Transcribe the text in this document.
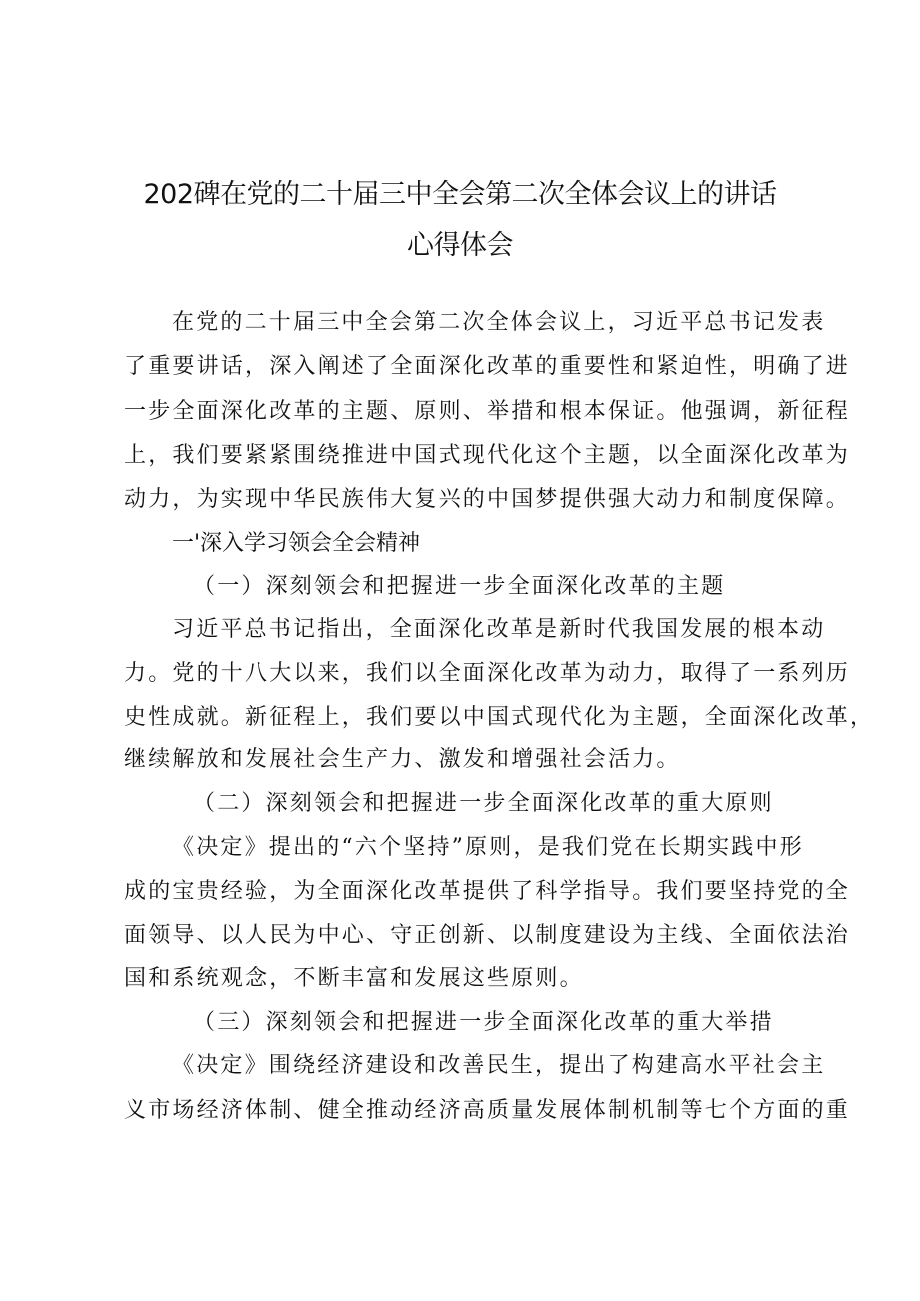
202碑在党的二十届三中全会第二次全体会议上的讲话
心得体会
在党的二十届三中全会第二次全体会议上，习近平总书记发表
了重要讲话，深入阐述了全面深化改革的重要性和紧迫性，明确了进
一步全面深化改革的主题、原则、举措和根本保证。他强调，新征程
上，我们要紧紧围绕推进中国式现代化这个主题，以全面深化改革为
动力，为实现中华民族伟大复兴的中国梦提供强大动力和制度保障。
一'深入学习领会全会精神
（一）深刻领会和把握进一步全面深化改革的主题
习近平总书记指出，全面深化改革是新时代我国发展的根本动
力。党的十八大以来，我们以全面深化改革为动力，取得了一系列历
史性成就。新征程上，我们要以中国式现代化为主题，全面深化改革，
继续解放和发展社会生产力、激发和增强社会活力。
（二）深刻领会和把握进一步全面深化改革的重大原则
《决定》提出的“六个坚持”原则，是我们党在长期实践中形
成的宝贵经验，为全面深化改革提供了科学指导。我们要坚持党的全
面领导、以人民为中心、守正创新、以制度建设为主线、全面依法治
国和系统观念，不断丰富和发展这些原则。
（三）深刻领会和把握进一步全面深化改革的重大举措
《决定》围绕经济建设和改善民生，提出了构建高水平社会主
义市场经济体制、健全推动经济高质量发展体制机制等七个方面的重
